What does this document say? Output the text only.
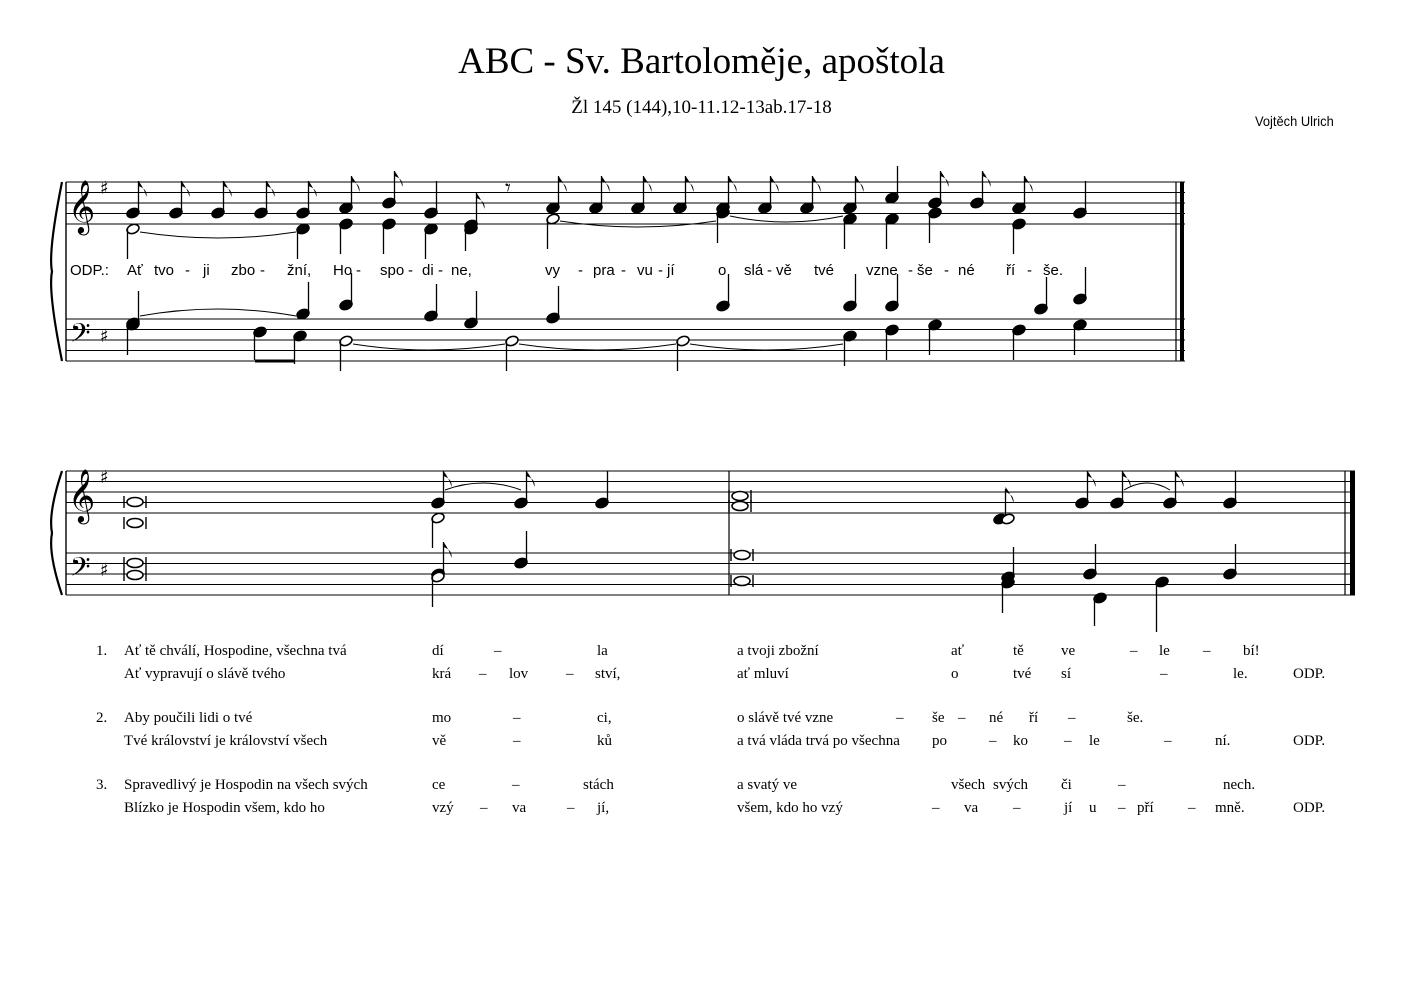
ABC - Sv. Bartoloměje, apoštola
Žl 145 (144),10-11.12-13ab.17-18
Vojtěch Ulrich
𝄞
𝄢
♯
♯
𝄾
𝄞
𝄢
♯
♯
ODP.: Ať tvo - ji zbo - žní, Ho - spo - di - ne,	vy - pra - vu - jí	o slá - vě tvé vzne - še - né ří - še.
1. Ať tě chválí, Hospodine, všechna tvá	dí	–	la	a tvoji zbožní	ať	tě ve	– le – bí!
Ať vypravují o slávě tvého	krá – lov	– ství,	ať mluví	o	tvé sí	–	le.	ODP.
2. Aby poučili lidi o tvé	mo	–	ci,	o slávě tvé vzne	– še – né ří –	še.
Tvé království je království všech	vě	–	ků	a tvá vláda trvá po všechna po	– ko – le	–	ní.	ODP.
3. Spravedlivý je Hospodin na všech svých	ce	–	stách	a svatý ve	všech svých či	–	nech.
Blízko je Hospodin všem, kdo ho	vzý – va	– jí,	všem, kdo ho vzý	– va –	jí u – pří – mně.	ODP.
